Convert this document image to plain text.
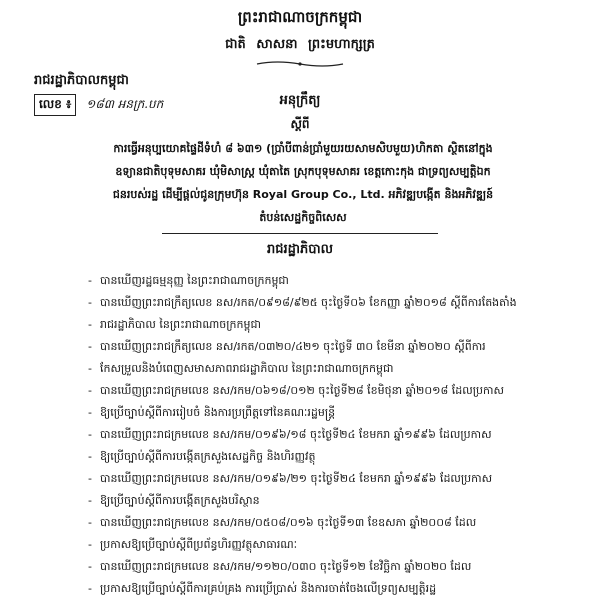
ព្រះរាជាណាចក្រកម្ពុជា
ជាតិ សាសនា ព្រះមហាក្សត្រ
រាជរដ្ឋាភិបាលកម្ពុជា
លេខ ៖ ១៨៣ អនក្រ.បក	អនុក្រឹត្យ
ស្តីពី
ការធ្វើអនុប្បយោគផ្ទៃដីទំហំ ៨ ៦៣១ (ប្រាំបីពាន់ប្រាំមួយរយសាមសិបមួយ)ហិកតា ស្ថិតនៅក្នុង
ឧទ្យានជាតិបុទុមសាគរ ឃុំមិសាស្ត្រ ឃុំតាតៃ ស្រុកបុទុមសាគរ ខេត្តកោះកុង ជាទ្រព្យសម្បត្តិឯក
ជនរបស់រដ្ឋ ដើម្បីផ្តល់ជូនក្រុមហ៊ុន Royal Group Co., Ltd. អភិវឌ្ឍបង្កើត និងអភិវឌ្ឍន៍
តំបន់សេដ្ឋកិច្ចពិសេស
រាជរដ្ឋាភិបាល
- បានឃើញរដ្ឋធម្មនុញ្ញ នៃព្រះរាជាណាចក្រកម្ពុជា
- បានឃើញព្រះរាជក្រឹត្យលេខ នស/រកត/០៩១៨/៩២៥ ចុះថ្ងៃទី០៦ ខែកញ្ញា ឆ្នាំ២០១៨ ស្តីពីការតែងតាំង
- រាជរដ្ឋាភិបាល នៃព្រះរាជាណាចក្រកម្ពុជា
- បានឃើញព្រះរាជក្រឹត្យលេខ នស/រកត/០៣២០/៤២១ ចុះថ្ងៃទី ៣០ ខែមីនា ឆ្នាំ២០២០ ស្តីពីការ
- កែសម្រួលនិងបំពេញសមាសភាពរាជរដ្ឋាភិបាល នៃព្រះរាជាណាចក្រកម្ពុជា
- បានឃើញព្រះរាជក្រមលេខ នស/រកម/០៦១៨/០១២ ចុះថ្ងៃទី២៨ ខែមិថុនា ឆ្នាំ២០១៨ ដែលប្រកាស
- ឱ្យប្រើច្បាប់ស្តីពីការរៀបចំ និងការប្រព្រឹត្តទៅនៃគណៈរដ្ឋមន្ត្រី
- បានឃើញព្រះរាជក្រមលេខ នស/រកម/០១៩៦/១៨ ចុះថ្ងៃទី២៤ ខែមករា ឆ្នាំ១៩៩៦ ដែលប្រកាស
- ឱ្យប្រើច្បាប់ស្តីពីការបង្កើតក្រសួងសេដ្ឋកិច្ច និងហិរញ្ញវត្ថុ
- បានឃើញព្រះរាជក្រមលេខ នស/រកម/០១៩៦/២១ ចុះថ្ងៃទី២៤ ខែមករា ឆ្នាំ១៩៩៦ ដែលប្រកាស
- ឱ្យប្រើច្បាប់ស្តីពីការបង្កើតក្រសួងបរិស្ថាន
- បានឃើញព្រះរាជក្រមលេខ នស/រកម/០៥០៨/០១៦ ចុះថ្ងៃទី១៣ ខែឧសភា ឆ្នាំ២០០៨ ដែល
- ប្រកាសឱ្យប្រើច្បាប់ស្តីពីប្រព័ន្ធហិរញ្ញវត្ថុសាធារណៈ
- បានឃើញព្រះរាជក្រមលេខ នស/រកម/១១២០/០៣០ ចុះថ្ងៃទី១២ ខែវិច្ឆិកា ឆ្នាំ២០២០ ដែល
- ប្រកាសឱ្យប្រើច្បាប់ស្តីពីការគ្រប់គ្រង ការប្រើប្រាស់ និងការចាត់ចែងលើទ្រព្យសម្បត្តិរដ្ឋ
